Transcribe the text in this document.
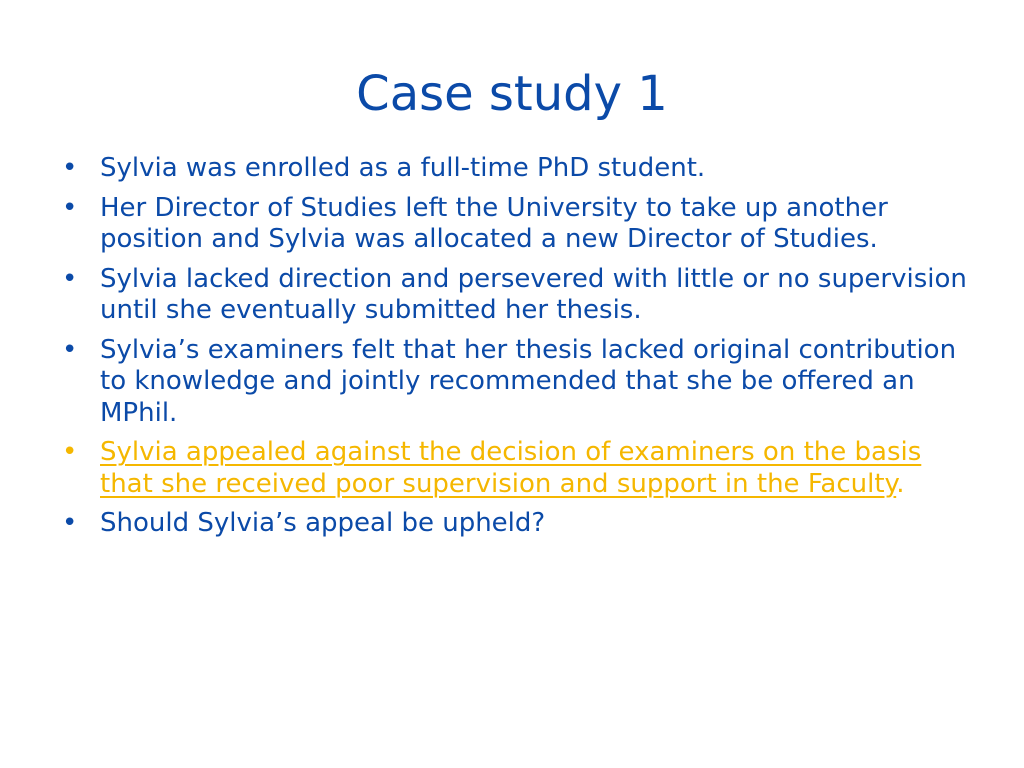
Case study 1
• Sylvia was enrolled as a full-time PhD student.
• Her Director of Studies left the University to take up another position and Sylvia was allocated a new Director of Studies.
• Sylvia lacked direction and persevered with little or no supervision until she eventually submitted her thesis.
• Sylvia’s examiners felt that her thesis lacked original contribution to knowledge and jointly recommended that she be offered an MPhil.
• Sylvia appealed against the decision of examiners on the basis that she received poor supervision and support in the Faculty.
• Should Sylvia’s appeal be upheld?
